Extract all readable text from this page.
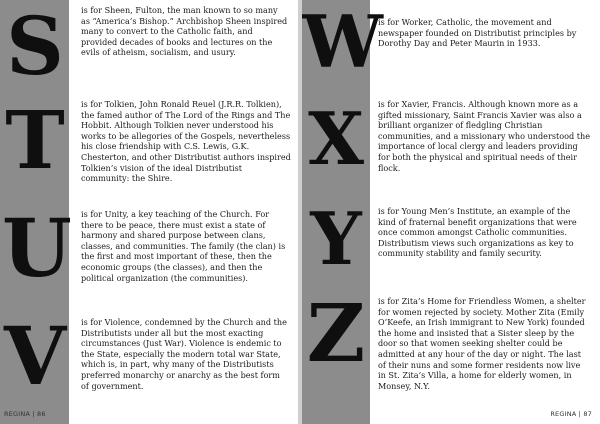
S	is for Sheen, Fulton, the man known to so many as “America’s Bishop.” Archbishop Sheen inspired many to convert to the Catholic faith, and provided decades of books and lectures on the evils of atheism, socialism, and usury.
T	is for Tolkien, John Ronald Reuel (J.R.R. Tolkien), the famed author of The Lord of the Rings and The Hobbit. Although Tolkien never understood his works to be allegories of the Gospels, nevertheless his close friendship with C.S. Lewis, G.K. Chesterton, and other Distributist authors inspired Tolkien’s vision of the ideal Distributist community: the Shire.
U is for Unity, a key teaching of the Church. For there to be peace, there must exist a state of harmony and shared purpose between clans, classes, and communities. The family (the clan) is the first and most important of these, then the economic groups (the classes), and then the political organization (the communities).
V is for Violence, condemned by the Church and the Distributists under all but the most exacting circumstances (Just War). Violence is endemic to the State, especially the modern total war State, which is, in part, why many of the Distributists preferred monarchy or anarchy as the best form of government.
REGINA | 86
W
is for Worker, Catholic, the movement and newspaper founded on Distributist principles by Dorothy Day and Peter Maurin in 1933.
X	is for Xavier, Francis. Although known more as a gifted missionary, Saint Francis Xavier was also a brilliant organizer of fledgling Christian communities, and a missionary who understood the importance of local clergy and leaders providing for both the physical and spiritual needs of their flock.
Y	is for Young Men’s Institute, an example of the kind of fraternal benefit organizations that were once common amongst Catholic communities. Distributism views such organizations as key to community stability and family security.
Z	is for Zita’s Home for Friendless Women, a shelter for women rejected by society. Mother Zita (Emily O’Keefe, an Irish immigrant to New York) founded the home and insisted that a Sister sleep by the door so that women seeking shelter could be admitted at any hour of the day or night. The last of their nuns and some former residents now live in St. Zita’s Villa, a home for elderly women, in Monsey, N.Y.
REGINA | 87
